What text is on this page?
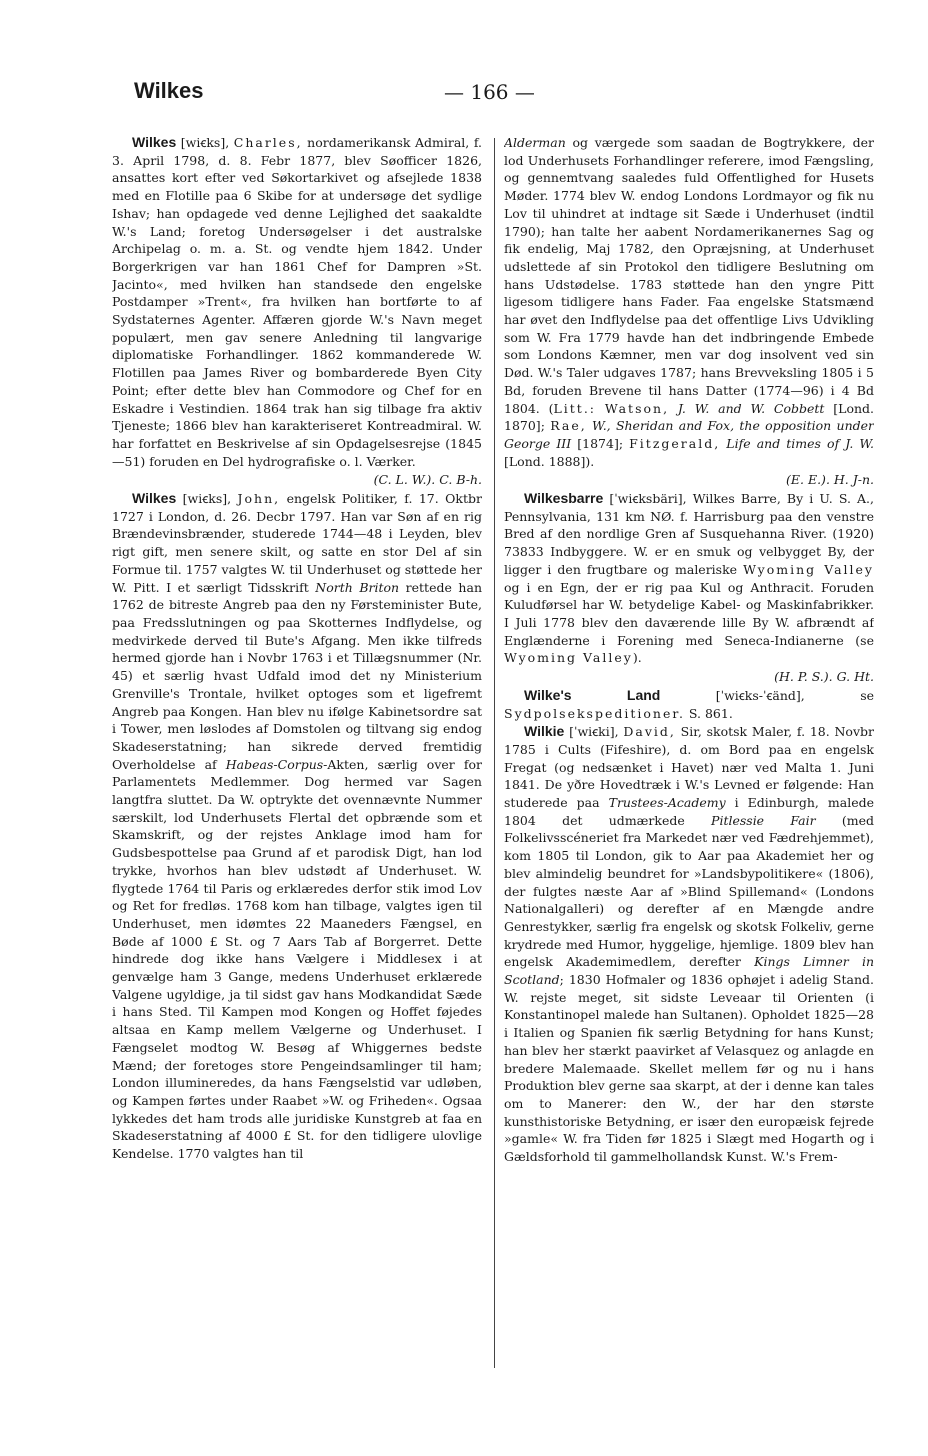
Wilkes	— 166 —

Wilkes [wiꞓks], Charles, nordamerikansk Admiral, f. 3. April 1798, d. 8. Febr 1877, blev Søofficer 1826, ansattes kort efter ved Søkortarkivet og afsejlede 1838 med en Flotille paa 6 Skibe for at undersøge det sydlige Ishav; han opdagede ved denne Lejlighed det saakaldte W.'s Land; foretog Undersøgelser i det australske Archipelag o. m. a. St. og vendte hjem 1842. Under Borgerkrigen var han 1861 Chef for Dampren »St. Jacinto«, med hvilken han standsede den engelske Postdamper »Trent«, fra hvilken han bortførte to af Sydstaternes Agenter. Affæren gjorde W.'s Navn meget populært, men gav senere Anledning til langvarige diplomatiske Forhandlinger. 1862 kommanderede W. Flotillen paa James River og bombarderede Byen City Point; efter dette blev han Commodore og Chef for en Eskadre i Vestindien. 1864 trak han sig tilbage fra aktiv Tjeneste; 1866 blev han karakteriseret Kontreadmiral. W. har forfattet en Beskrivelse af sin Opdagelsesrejse (1845—51) foruden en Del hydrografiske o. l. Værker.

(C. L. W.). C. B-h.

Wilkes [wiꞓks], John, engelsk Politiker, f. 17. Oktbr 1727 i London, d. 26. Decbr 1797. Han var Søn af en rig Brændevinsbrænder, studerede 1744—48 i Leyden, blev rigt gift, men senere skilt, og satte en stor Del af sin Formue til. 1757 valgtes W. til Underhuset og støttede her W. Pitt. I et særligt Tidsskrift North Briton rettede han 1762 de bitreste Angreb paa den ny Førsteminister Bute, paa Fredsslutningen og paa Skotternes Indflydelse, og medvirkede derved til Bute's Afgang. Men ikke tilfreds hermed gjorde han i Novbr 1763 i et Tillægsnummer (Nr. 45) et særlig hvast Udfald imod det ny Ministerium Grenville's Trontale, hvilket optoges som et ligefremt Angreb paa Kongen. Han blev nu ifølge Kabinetsordre sat i Tower, men løslodes af Domstolen og tiltvang sig endog Skadeserstatning; han sikrede derved fremtidig Overholdelse af Habeas-Corpus-Akten, særlig over for Parlamentets Medlemmer. Dog hermed var Sagen langtfra sluttet. Da W. optrykte det ovennævnte Nummer særskilt, lod Underhusets Flertal det opbrænde som et Skamskrift, og der rejstes Anklage imod ham for Gudsbespottelse paa Grund af et parodisk Digt, han lod trykke, hvorhos han blev udstødt af Underhuset. W. flygtede 1764 til Paris og erklæredes derfor stik imod Lov og Ret for fredløs. 1768 kom han tilbage, valgtes igen til Underhuset, men idømtes 22 Maaneders Fængsel, en Bøde af 1000 £ St. og 7 Aars Tab af Borgerret. Dette hindrede dog ikke hans Vælgere i Middlesex i at genvælge ham 3 Gange, medens Underhuset erklærede Valgene ugyldige, ja til sidst gav hans Modkandidat Sæde i hans Sted. Til Kampen mod Kongen og Hoffet føjedes altsaa en Kamp mellem Vælgerne og Underhuset. I Fængselet modtog W. Besøg af Whiggernes bedste Mænd; der foretoges store Pengeindsamlinger til ham; London illumineredes, da hans Fængselstid var udløben, og Kampen førtes under Raabet »W. og Friheden«. Ogsaa lykkedes det ham trods alle juridiske Kunstgreb at faa en Skadeserstatning af 4000 £ St. for den tidligere ulovlige Kendelse. 1770 valgtes han til

Alderman og værgede som saadan de Bogtrykkere, der lod Underhusets Forhandlinger referere, imod Fængsling, og gennemtvang saaledes fuld Offentlighed for Husets Møder. 1774 blev W. endog Londons Lordmayor og fik nu Lov til uhindret at indtage sit Sæde i Underhuset (indtil 1790); han talte her aabent Nordamerikanernes Sag og fik endelig, Maj 1782, den Opræjsning, at Underhuset udslettede af sin Protokol den tidligere Beslutning om hans Udstødelse. 1783 støttede han den yngre Pitt ligesom tidligere hans Fader. Faa engelske Statsmænd har øvet den Indflydelse paa det offentlige Livs Udvikling som W. Fra 1779 havde han det indbringende Embede som Londons Kæmner, men var dog insolvent ved sin Død. W.'s Taler udgaves 1787; hans Brevveksling 1805 i 5 Bd, foruden Brevene til hans Datter (1774—96) i 4 Bd 1804. (Litt.: Watson, J. W. and W. Cobbett [Lond. 1870]; Rae, W., Sheridan and Fox, the opposition under George III [1874]; Fitzgerald, Life and times of J. W. [Lond. 1888]).

(E. E.). H. J-n.

Wilkesbarre [ˈwiꞓksbäri], Wilkes Barre, By i U. S. A., Pennsylvania, 131 km NØ. f. Harrisburg paa den venstre Bred af den nordlige Gren af Susquehanna River. (1920) 73833 Indbyggere. W. er en smuk og velbygget By, der ligger i den frugtbare og maleriske Wyoming Valley og i en Egn, der er rig paa Kul og Anthracit. Foruden Kuludførsel har W. betydelige Kabel- og Maskinfabrikker. I Juli 1778 blev den daværende lille By W. afbrændt af Englænderne i Forening med Seneca-Indianerne (se Wyoming Valley).

(H. P. S.). G. Ht.

Wilke's Land [ˈwiꞓks-ˈꞓänd], se Sydpolsekspeditioner. S. 861.

Wilkie [ˈwiꞓki], David, Sir, skotsk Maler, f. 18. Novbr 1785 i Cults (Fifeshire), d. om Bord paa en engelsk Fregat (og nedsænket i Havet) nær ved Malta 1. Juni 1841. De yðre Hovedtræk i W.'s Levned er følgende: Han studerede paa Trustees-Academy i Edinburgh, malede 1804 det udmærkede Pitlessie Fair (med Folkelivsscéneriet fra Markedet nær ved Fædrehjemmet), kom 1805 til London, gik to Aar paa Akademiet her og blev almindelig beundret for »Landsbypolitikere« (1806), der fulgtes næste Aar af »Blind Spillemand« (Londons Nationalgalleri) og derefter af en Mængde andre Genrestykker, særlig fra engelsk og skotsk Folkeliv, gerne krydrede med Humor, hyggelige, hjemlige. 1809 blev han engelsk Akademimedlem, derefter Kings Limner in Scotland; 1830 Hofmaler og 1836 ophøjet i adelig Stand. W. rejste meget, sit sidste Leveaar til Orienten (i Konstantinopel malede han Sultanen). Opholdet 1825—28 i Italien og Spanien fik særlig Betydning for hans Kunst; han blev her stærkt paavirket af Velasquez og anlagde en bredere Malemaade. Skellet mellem før og nu i hans Produktion blev gerne saa skarpt, at der i denne kan tales om to Manerer: den W., der har den største kunsthistoriske Betydning, er især den europæisk fejrede »gamle« W. fra Tiden før 1825 i Slægt med Hogarth og i Gældsforhold til gammelhollandsk Kunst. W.'s Frem-
